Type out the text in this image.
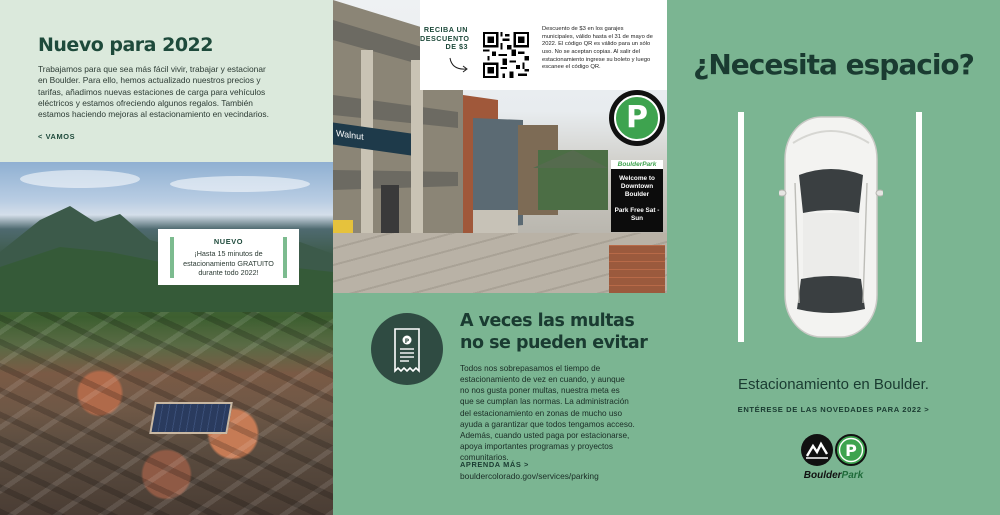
Nuevo para 2022

Trabajamos para que sea más fácil vivir, trabajar y estacionar en Boulder. Para ello, hemos actualizado nuestros precios y tarifas, añadimos nuevas estaciones de carga para vehículos eléctricos y estamos ofreciendo algunos regalos. También estamos haciendo mejoras al estacionamiento en vecindarios.

< VAMOS
NUEVO
¡Hasta 15 minutos de estacionamiento GRATUITO durante todo 2022!
Walnut	P
BoulderPark
Welcome to Downtown Boulder
Park Free Sat - Sun
RECIBA UN DESCUENTO DE $3
Descuento de $3 en los garajes municipales, válido hasta el 31 de mayo de 2022. El código QR es válido para un sólo uso. No se aceptan copias. Al salir del estacionamiento ingrese su boleto y luego escanee el código QR.
P
A veces las multas no se pueden evitar
Todos nos sobrepasamos el tiempo de estacionamiento de vez en cuando, y aunque no nos gusta poner multas, nuestra meta es que se cumplan las normas. La administración del estacionamiento en zonas de mucho uso ayuda a garantizar que todos tengamos acceso. Además, cuando usted paga por estacionarse, apoya importantes programas y proyectos comunitarios.
APRENDA MÁS >
bouldercolorado.gov/services/parking
¿Necesita espacio?
Estacionamiento en Boulder.
ENTÉRESE DE LAS NOVEDADES PARA 2022 >
P
BoulderPark
